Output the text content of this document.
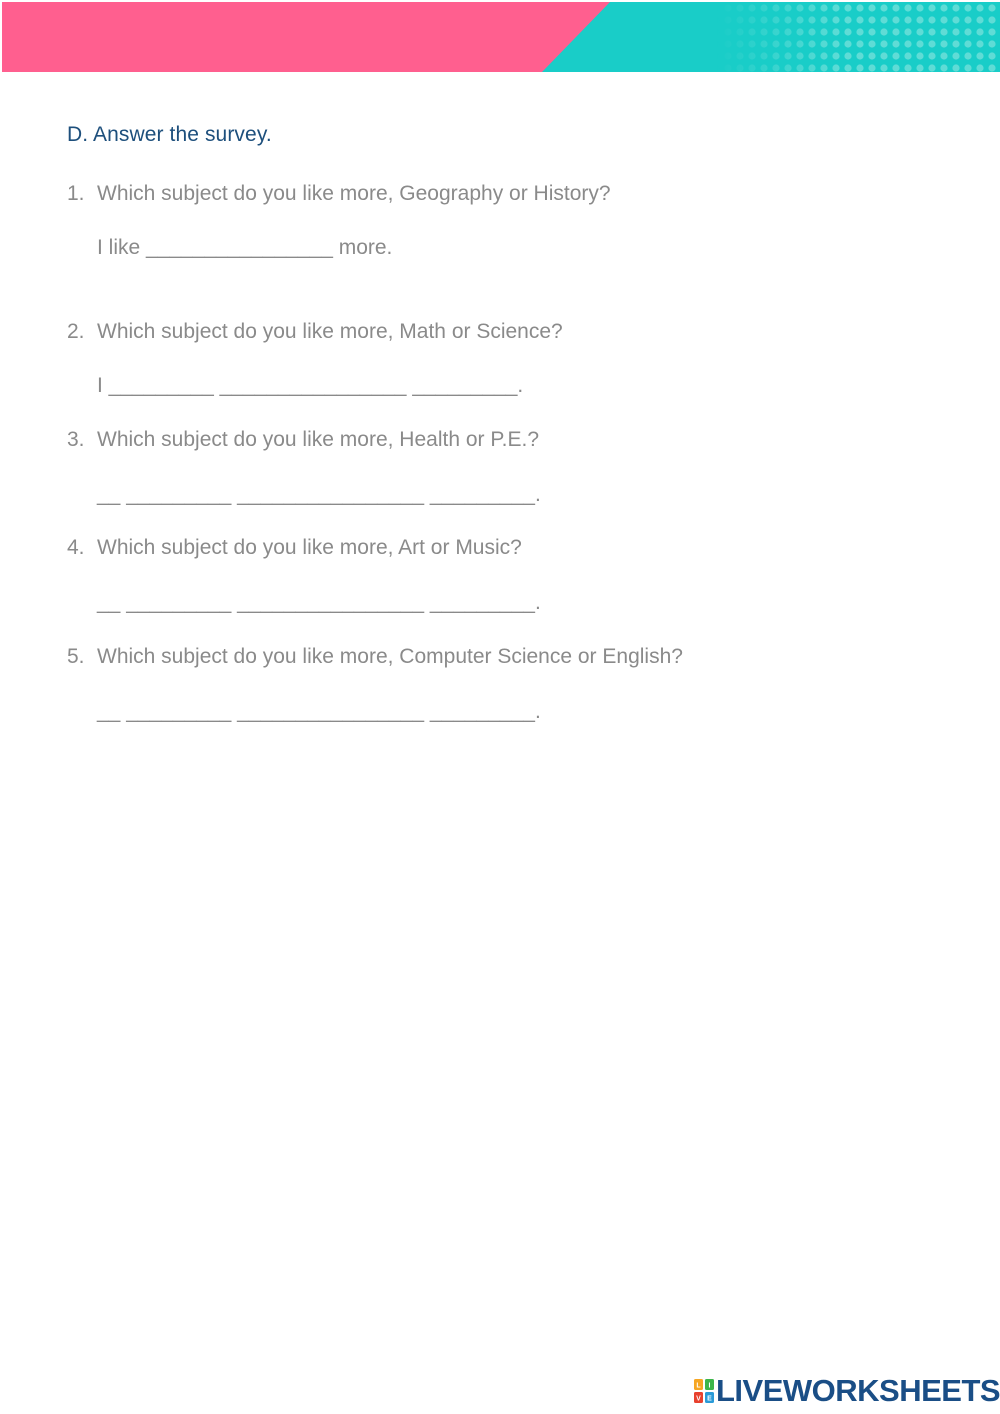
D. Answer the survey.
1. Which subject do you like more, Geography or History?
I like ________________ more.
2. Which subject do you like more, Math or Science?
I _________ ________________ _________.
3. Which subject do you like more, Health or P.E.?
__ _________ ________________ _________.
4. Which subject do you like more, Art or Music?
__ _________ ________________ _________.
5. Which subject do you like more, Computer Science or English?
__ _________ ________________ _________.
L I
V E LIVEWORKSHEETS
